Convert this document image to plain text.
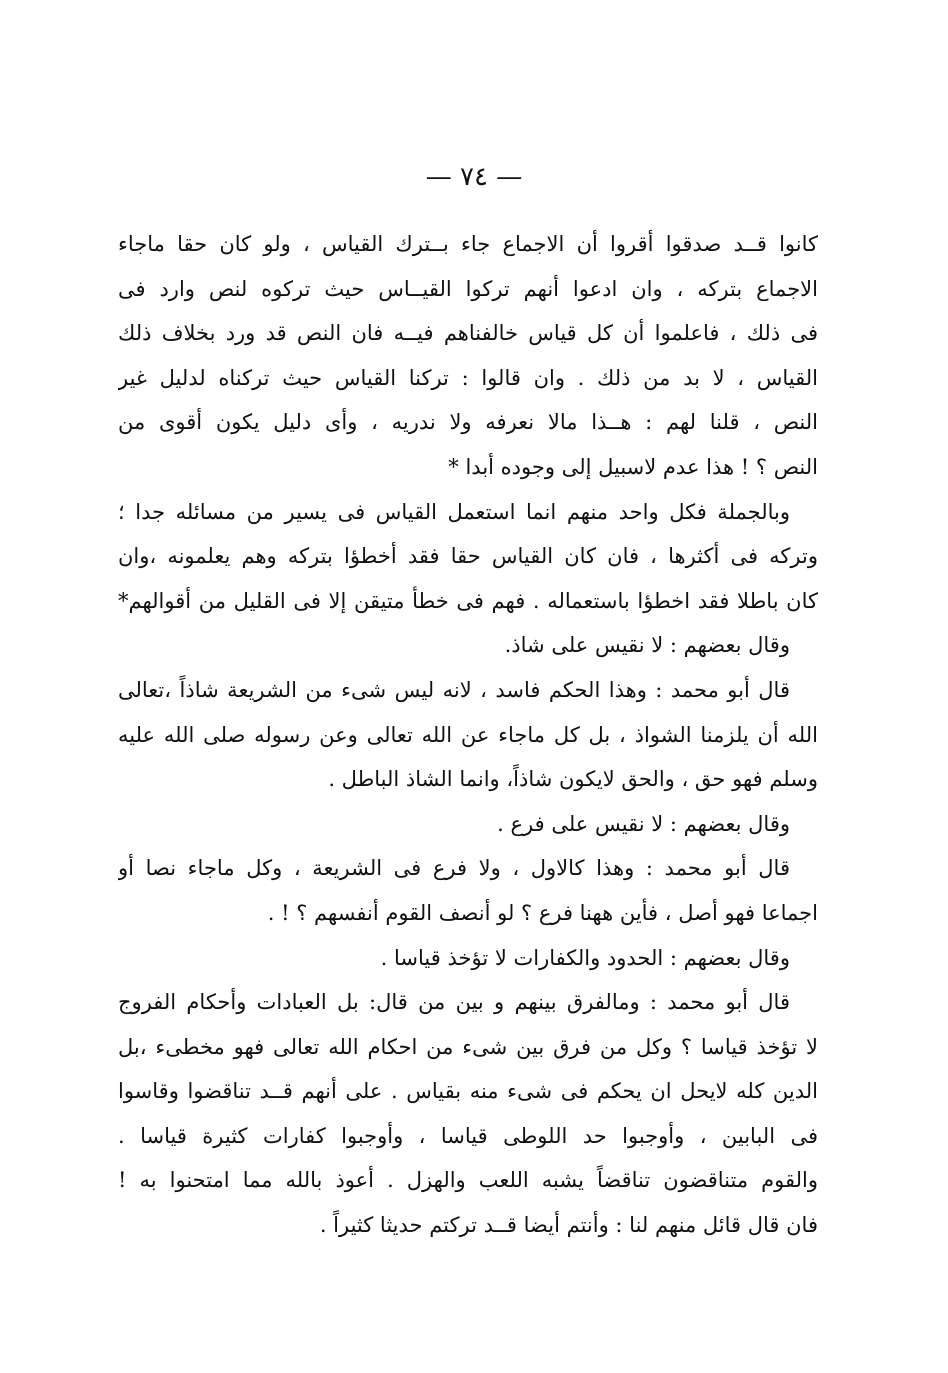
— ٧٤ —
كانوا قــد صدقوا أقروا أن الاجماع جاء بــترك القياس ، ولو كان حقا ماجاء
الاجماع بتركه ، وان ادعوا أنهم تركوا القيــاس حيث تركوه لنص وارد فى
فى ذلك ، فاعلموا أن كل قياس خالفناهم فيــه فان النص قد ورد بخلاف ذلك
القياس ، لا بد من ذلك . وان قالوا : تركنا القياس حيث تركناه لدليل غير
النص ، قلنا لهم : هــذا مالا نعرفه ولا ندريه ، وأى دليل يكون أقوى من
النص ؟ ! هذا عدم لاسبيل إلى وجوده أبدا *
وبالجملة فكل واحد منهم انما استعمل القياس فى يسير من مسائله جدا ؛
وتركه فى أكثرها ، فان كان القياس حقا فقد أخطؤا بتركه وهم يعلمونه ،وان
كان باطلا فقد اخطؤا باستعماله . فهم فى خطأ متيقن إلا فى القليل من أقوالهم*
وقال بعضهم : لا نقيس على شاذ.
قال أبو محمد : وهذا الحكم فاسد ، لانه ليس شىء من الشريعة شاذاً ،تعالى
الله أن يلزمنا الشواذ ، بل كل ماجاء عن الله تعالى وعن رسوله صلى الله عليه
وسلم فهو حق ، والحق لايكون شاذاً، وانما الشاذ الباطل .
وقال بعضهم : لا نقيس على فرع .
قال أبو محمد : وهذا كالاول ، ولا فرع فى الشريعة ، وكل ماجاء نصا أو
اجماعا فهو أصل ، فأين ههنا فرع ؟ لو أنصف القوم أنفسهم ؟ ! .
وقال بعضهم : الحدود والكفارات لا تؤخذ قياسا .
قال أبو محمد : ومالفرق بينهم و بين من قال: بل العبادات وأحكام الفروج
لا تؤخذ قياسا ؟ وكل من فرق بين شىء من احكام الله تعالى فهو مخطىء ،بل
الدين كله لايحل ان يحكم فى شىء منه بقياس . على أنهم قــد تناقضوا وقاسوا
فى البابين ، وأوجبوا حد اللوطى قياسا ، وأوجبوا كفارات كثيرة قياسا .
والقوم متناقضون تناقضاً يشبه اللعب والهزل . أعوذ بالله مما امتحنوا به !
فان قال قائل منهم لنا : وأنتم أيضا قــد تركتم حديثا كثيراً .
